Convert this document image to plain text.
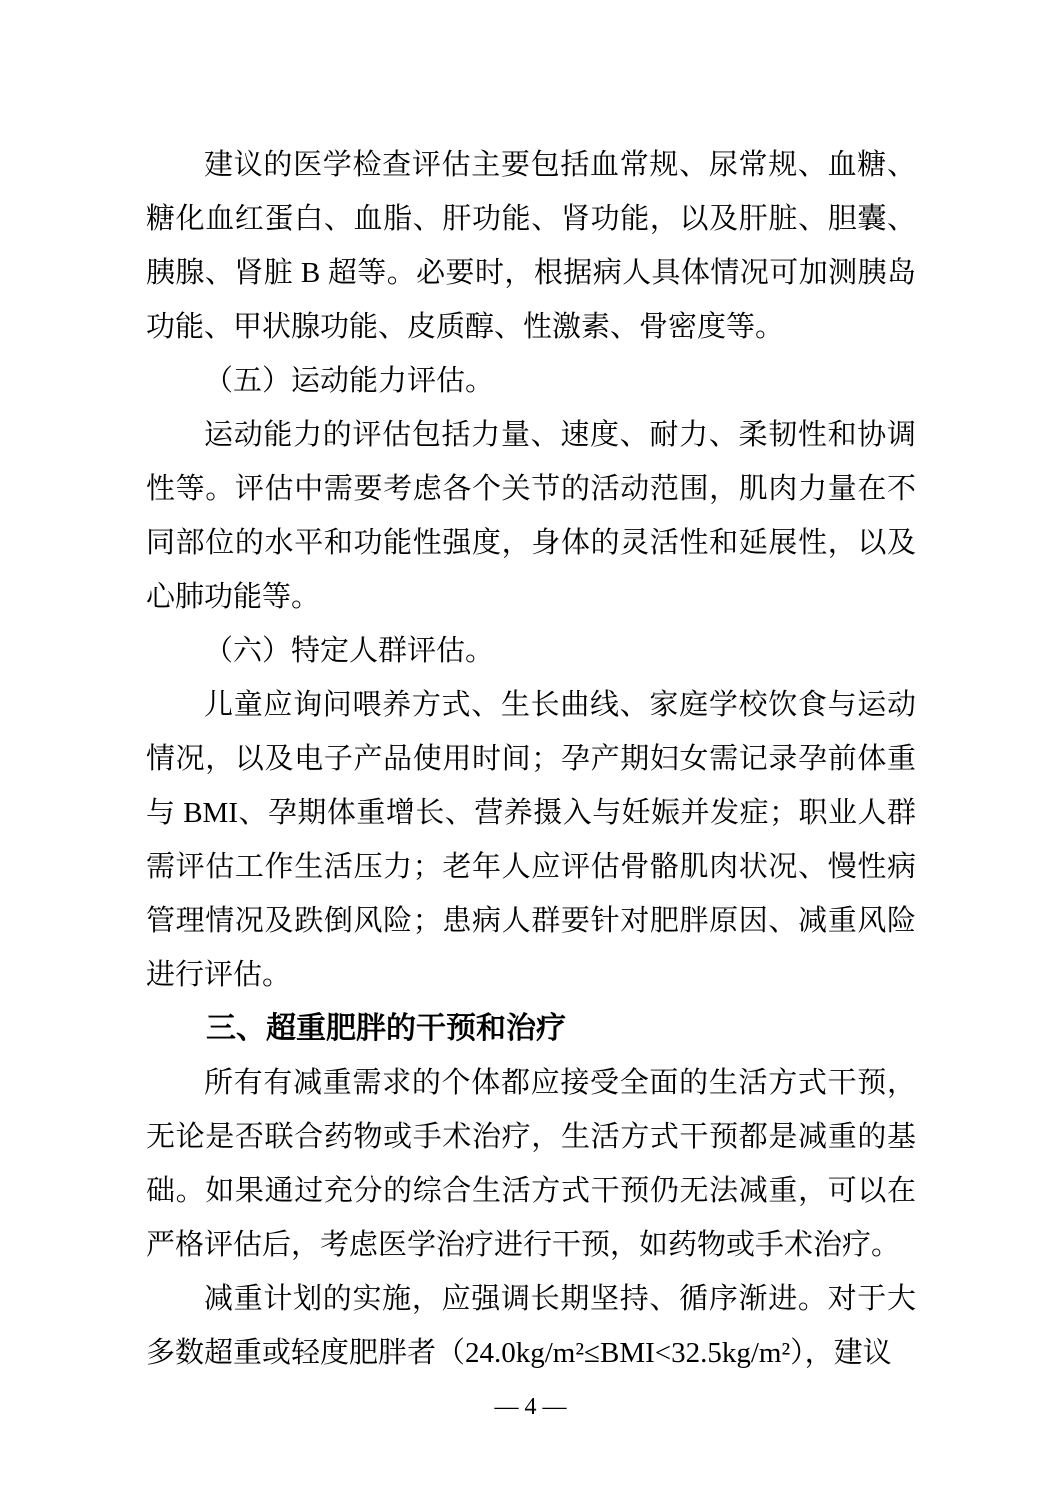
建议的医学检查评估主要包括血常规、尿常规、血糖、糖化血红蛋白、血脂、肝功能、肾功能，以及肝脏、胆囊、胰腺、肾脏 B 超等。必要时，根据病人具体情况可加测胰岛功能、甲状腺功能、皮质醇、性激素、骨密度等。

（五）运动能力评估。

运动能力的评估包括力量、速度、耐力、柔韧性和协调性等。评估中需要考虑各个关节的活动范围，肌肉力量在不同部位的水平和功能性强度，身体的灵活性和延展性，以及心肺功能等。

（六）特定人群评估。

儿童应询问喂养方式、生长曲线、家庭学校饮食与运动情况，以及电子产品使用时间；孕产期妇女需记录孕前体重与 BMI、孕期体重增长、营养摄入与妊娠并发症；职业人群需评估工作生活压力；老年人应评估骨骼肌肉状况、慢性病管理情况及跌倒风险；患病人群要针对肥胖原因、减重风险进行评估。

三、超重肥胖的干预和治疗

所有有减重需求的个体都应接受全面的生活方式干预，无论是否联合药物或手术治疗，生活方式干预都是减重的基础。如果通过充分的综合生活方式干预仍无法减重，可以在严格评估后，考虑医学治疗进行干预，如药物或手术治疗。

减重计划的实施，应强调长期坚持、循序渐进。对于大多数超重或轻度肥胖者（24.0kg/m²≤BMI<32.5kg/m²），建议

— 4 —
